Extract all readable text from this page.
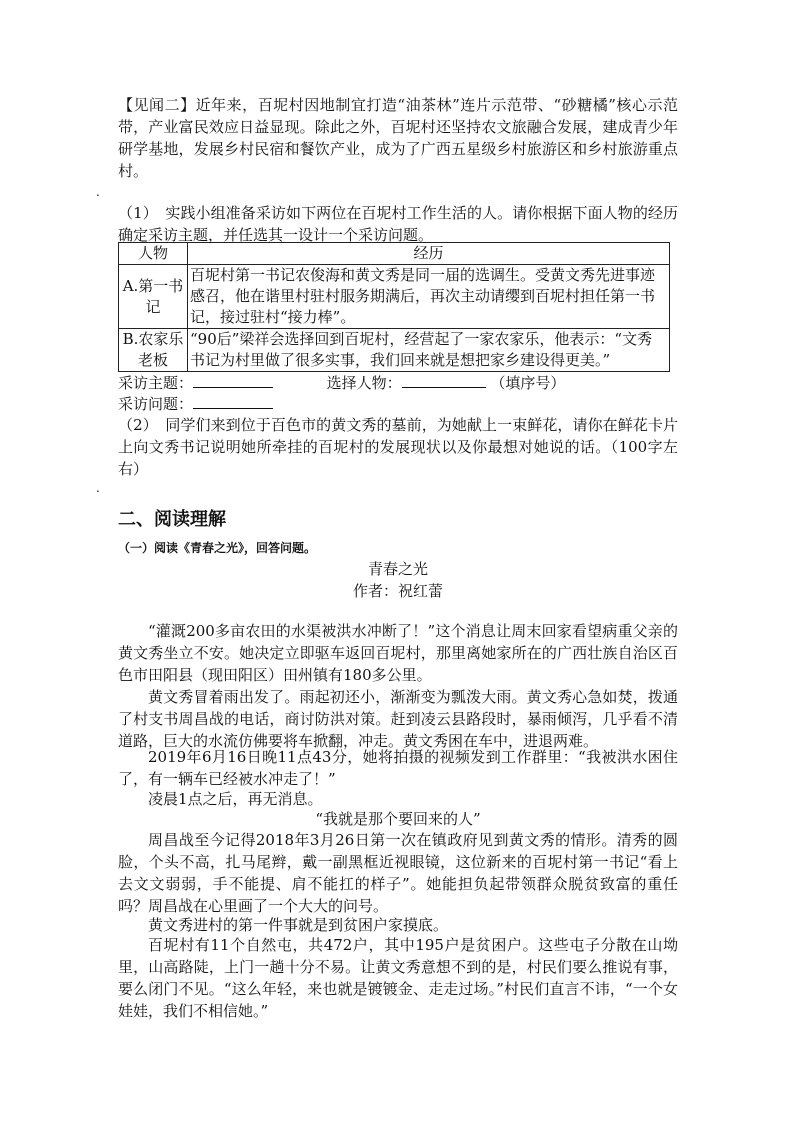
【见闻二】近年来，百坭村因地制宜打造“油茶林”连片示范带、“砂糖橘”核心示范带，产业富民效应日益显现。除此之外，百坭村还坚持农文旅融合发展，建成青少年研学基地，发展乡村民宿和餐饮产业，成为了广西五星级乡村旅游区和乡村旅游重点村。
.
（1）　实践小组准备采访如下两位在百坭村工作生活的人。请你根据下面人物的经历确定采访主题，并任选其一设计一个采访问题。
人物	经历
A.第一书记	百坭村第一书记农俊海和黄文秀是同一届的选调生。受黄文秀先进事迹感召，他在谐里村驻村服务期满后，再次主动请缨到百坭村担任第一书记，接过驻村“接力棒”。
B.农家乐老板	“90后”梁祥会选择回到百坭村，经营起了一家农家乐，他表示：“文秀书记为村里做了很多实事，我们回来就是想把家乡建设得更美。”
采访主题：	选择人物：	（填序号）
采访问题：
（2）　同学们来到位于百色市的黄文秀的墓前，为她献上一束鲜花，请你在鲜花卡片上向文秀书记说明她所牵挂的百坭村的发展现状以及你最想对她说的话。（100字左右）
.
二、阅读理解
（一）阅读《青春之光》，回答问题。
青春之光
作者：祝红蕾
“灌溉200多亩农田的水渠被洪水冲断了！”这个消息让周末回家看望病重父亲的黄文秀坐立不安。她决定立即驱车返回百坭村，那里离她家所在的广西壮族自治区百色市田阳县（现田阳区）田州镇有180多公里。
黄文秀冒着雨出发了。雨起初还小，渐渐变为瓢泼大雨。黄文秀心急如焚，拨通了村支书周昌战的电话，商讨防洪对策。赶到凌云县路段时，暴雨倾泻，几乎看不清道路，巨大的水流仿佛要将车掀翻，冲走。黄文秀困在车中，进退两难。
2019年6月16日晚11点43分，她将拍摄的视频发到工作群里：“我被洪水困住了，有一辆车已经被水冲走了！”
凌晨1点之后，再无消息。
“我就是那个要回来的人”
周昌战至今记得2018年3月26日第一次在镇政府见到黄文秀的情形。清秀的圆脸，个头不高，扎马尾辫，戴一副黑框近视眼镜，这位新来的百坭村第一书记“看上去文文弱弱，手不能提、肩不能扛的样子”。她能担负起带领群众脱贫致富的重任吗？周昌战在心里画了一个大大的问号。
黄文秀进村的第一件事就是到贫困户家摸底。
百坭村有11个自然屯，共472户，其中195户是贫困户。这些屯子分散在山坳里，山高路陡，上门一趟十分不易。让黄文秀意想不到的是，村民们要么推说有事，要么闭门不见。“这么年轻，来也就是镀镀金、走走过场。”村民们直言不讳，“一个女娃娃，我们不相信她。”
